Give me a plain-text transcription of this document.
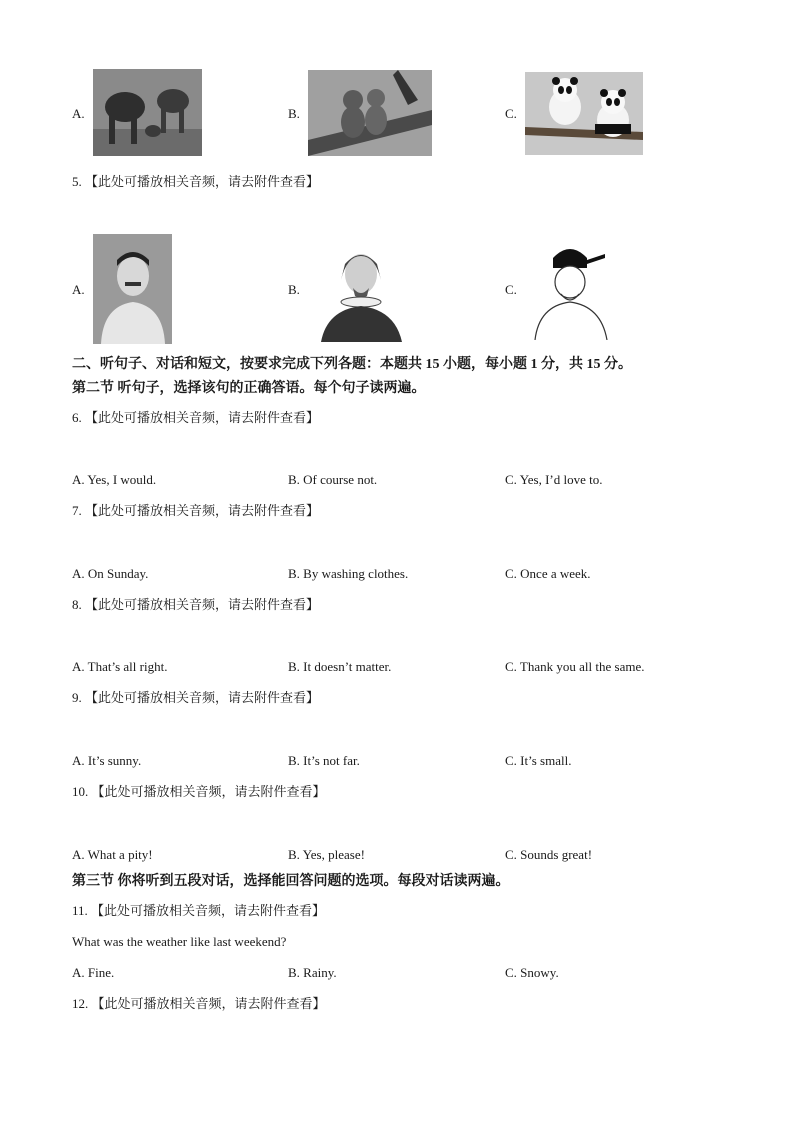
A.	B.	C.
5. 【此处可播放相关音频，请去附件查看】
A.	B.	C.
二、听句子、对话和短文，按要求完成下列各题：本题共 15 小题，每小题 1 分，共 15 分。
第二节 听句子，选择该句的正确答语。每个句子读两遍。
6. 【此处可播放相关音频，请去附件查看】
A. Yes, I would.	B. Of course not.	C. Yes, I’d love to.
7. 【此处可播放相关音频，请去附件查看】
A. On Sunday.	B. By washing clothes.	C. Once a week.
8. 【此处可播放相关音频，请去附件查看】
A. That’s all right.	B. It doesn’t matter.	C. Thank you all the same.
9. 【此处可播放相关音频，请去附件查看】
A. It’s sunny.	B. It’s not far.	C. It’s small.
10. 【此处可播放相关音频，请去附件查看】
A. What a pity!	B. Yes, please!	C. Sounds great!
第三节 你将听到五段对话，选择能回答问题的选项。每段对话读两遍。
11. 【此处可播放相关音频，请去附件查看】
What was the weather like last weekend?
A. Fine.	B. Rainy.	C. Snowy.
12. 【此处可播放相关音频，请去附件查看】
